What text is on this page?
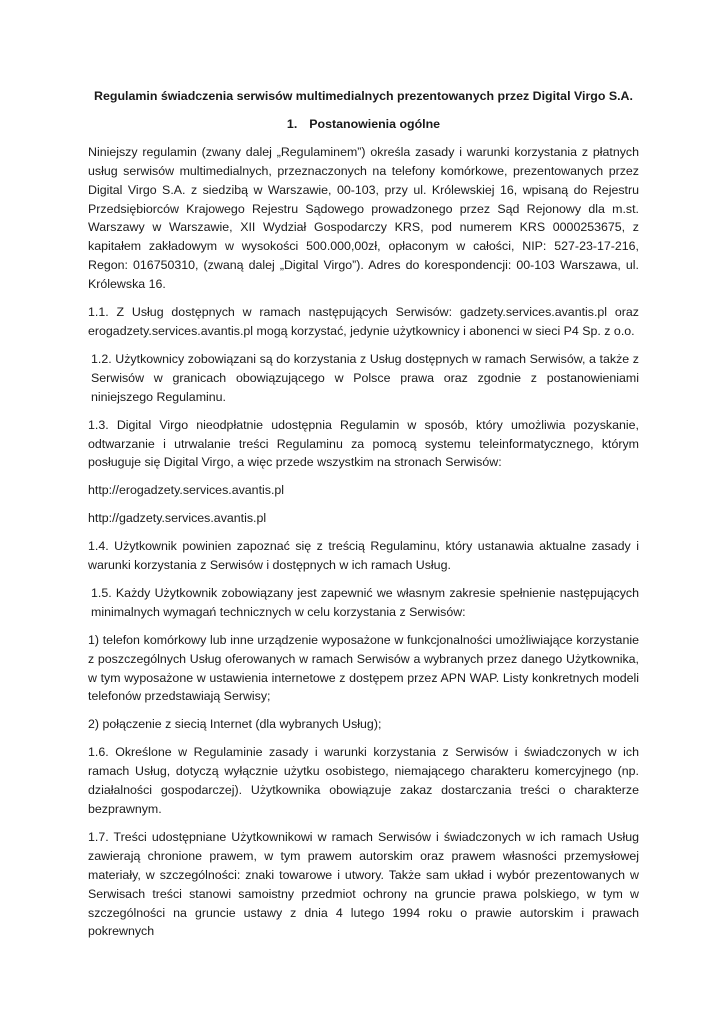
Regulamin świadczenia serwisów multimedialnych prezentowanych przez Digital Virgo S.A.
1. Postanowienia ogólne

Niniejszy regulamin (zwany dalej „Regulaminem”) określa zasady i warunki korzystania z płatnych usług serwisów multimedialnych, przeznaczonych na telefony komórkowe, prezentowanych przez Digital Virgo S.A. z siedzibą w Warszawie, 00-103, przy ul. Królewskiej 16, wpisaną do Rejestru Przedsiębiorców Krajowego Rejestru Sądowego prowadzonego przez Sąd Rejonowy dla m.st. Warszawy w Warszawie, XII Wydział Gospodarczy KRS, pod numerem KRS 0000253675, z kapitałem zakładowym w wysokości 500.000,00zł, opłaconym w całości, NIP: 527-23-17-216, Regon: 016750310, (zwaną dalej „Digital Virgo”). Adres do korespondencji: 00-103 Warszawa, ul. Królewska 16.

1.1. Z Usług dostępnych w ramach następujących Serwisów: gadzety.services.avantis.pl oraz erogadzety.services.avantis.pl mogą korzystać, jedynie użytkownicy i abonenci w sieci P4 Sp. z o.o.

1.2. Użytkownicy zobowiązani są do korzystania z Usług dostępnych w ramach Serwisów, a także z Serwisów w granicach obowiązującego w Polsce prawa oraz zgodnie z postanowieniami niniejszego Regulaminu.

1.3. Digital Virgo nieodpłatnie udostępnia Regulamin w sposób, który umożliwia pozyskanie, odtwarzanie i utrwalanie treści Regulaminu za pomocą systemu teleinformatycznego, którym posługuje się Digital Virgo, a więc przede wszystkim na stronach Serwisów:

http://erogadzety.services.avantis.pl

http://gadzety.services.avantis.pl

1.4. Użytkownik powinien zapoznać się z treścią Regulaminu, który ustanawia aktualne zasady i warunki korzystania z Serwisów i dostępnych w ich ramach Usług.

1.5. Każdy Użytkownik zobowiązany jest zapewnić we własnym zakresie spełnienie następujących minimalnych wymagań technicznych w celu korzystania z Serwisów:

1) telefon komórkowy lub inne urządzenie wyposażone w funkcjonalności umożliwiające korzystanie z poszczególnych Usług oferowanych w ramach Serwisów a wybranych przez danego Użytkownika, w tym wyposażone w ustawienia internetowe z dostępem przez APN WAP. Listy konkretnych modeli telefonów przedstawiają Serwisy;

2) połączenie z siecią Internet (dla wybranych Usług);

1.6. Określone w Regulaminie zasady i warunki korzystania z Serwisów i świadczonych w ich ramach Usług, dotyczą wyłącznie użytku osobistego, niemającego charakteru komercyjnego (np. działalności gospodarczej). Użytkownika obowiązuje zakaz dostarczania treści o charakterze bezprawnym.

1.7. Treści udostępniane Użytkownikowi w ramach Serwisów i świadczonych w ich ramach Usług zawierają chronione prawem, w tym prawem autorskim oraz prawem własności przemysłowej materiały, w szczególności: znaki towarowe i utwory. Także sam układ i wybór prezentowanych w Serwisach treści stanowi samoistny przedmiot ochrony na gruncie prawa polskiego, w tym w szczególności na gruncie ustawy z dnia 4 lutego 1994 roku o prawie autorskim i prawach pokrewnych
